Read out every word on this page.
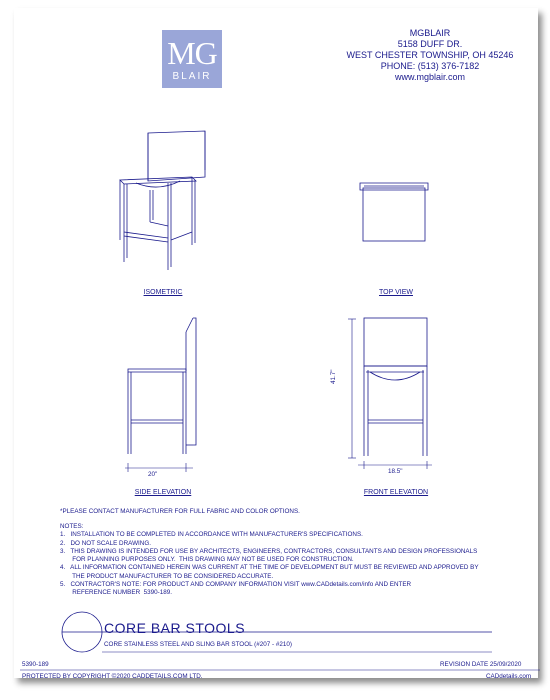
MG
BLAIR
MGBLAIR
5158 DUFF DR.
WEST CHESTER TOWNSHIP, OH 45246
PHONE: (513) 376-7182
www.mgblair.com
20"	18.5"
41.7"
ISOMETRIC	TOP VIEW
SIDE ELEVATION	FRONT ELEVATION
*PLEASE CONTACT MANUFACTURER FOR FULL FABRIC AND COLOR OPTIONS.
NOTES:
1.   INSTALLATION TO BE COMPLETED IN ACCORDANCE WITH MANUFACTURER'S SPECIFICATIONS.
2.   DO NOT SCALE DRAWING.
3.   THIS DRAWING IS INTENDED FOR USE BY ARCHITECTS, ENGINEERS, CONTRACTORS, CONSULTANTS AND DESIGN PROFESSIONALS
FOR PLANNING PURPOSES ONLY.  THIS DRAWING MAY NOT BE USED FOR CONSTRUCTION.
4.   ALL INFORMATION CONTAINED HEREIN WAS CURRENT AT THE TIME OF DEVELOPMENT BUT MUST BE REVIEWED AND APPROVED BY
THE PRODUCT MANUFACTURER TO BE CONSIDERED ACCURATE.
5.   CONTRACTOR'S NOTE: FOR PRODUCT AND COMPANY INFORMATION VISIT www.CADdetails.com/info AND ENTER
REFERENCE NUMBER  5390-189.
CORE BAR STOOLS
CORE STAINLESS STEEL AND SLING BAR STOOL (#207 - #210)
5390-189	REVISION DATE 25/09/2020
PROTECTED BY COPYRIGHT ©2020 CADDETAILS.COM LTD.	CADdetails.com
